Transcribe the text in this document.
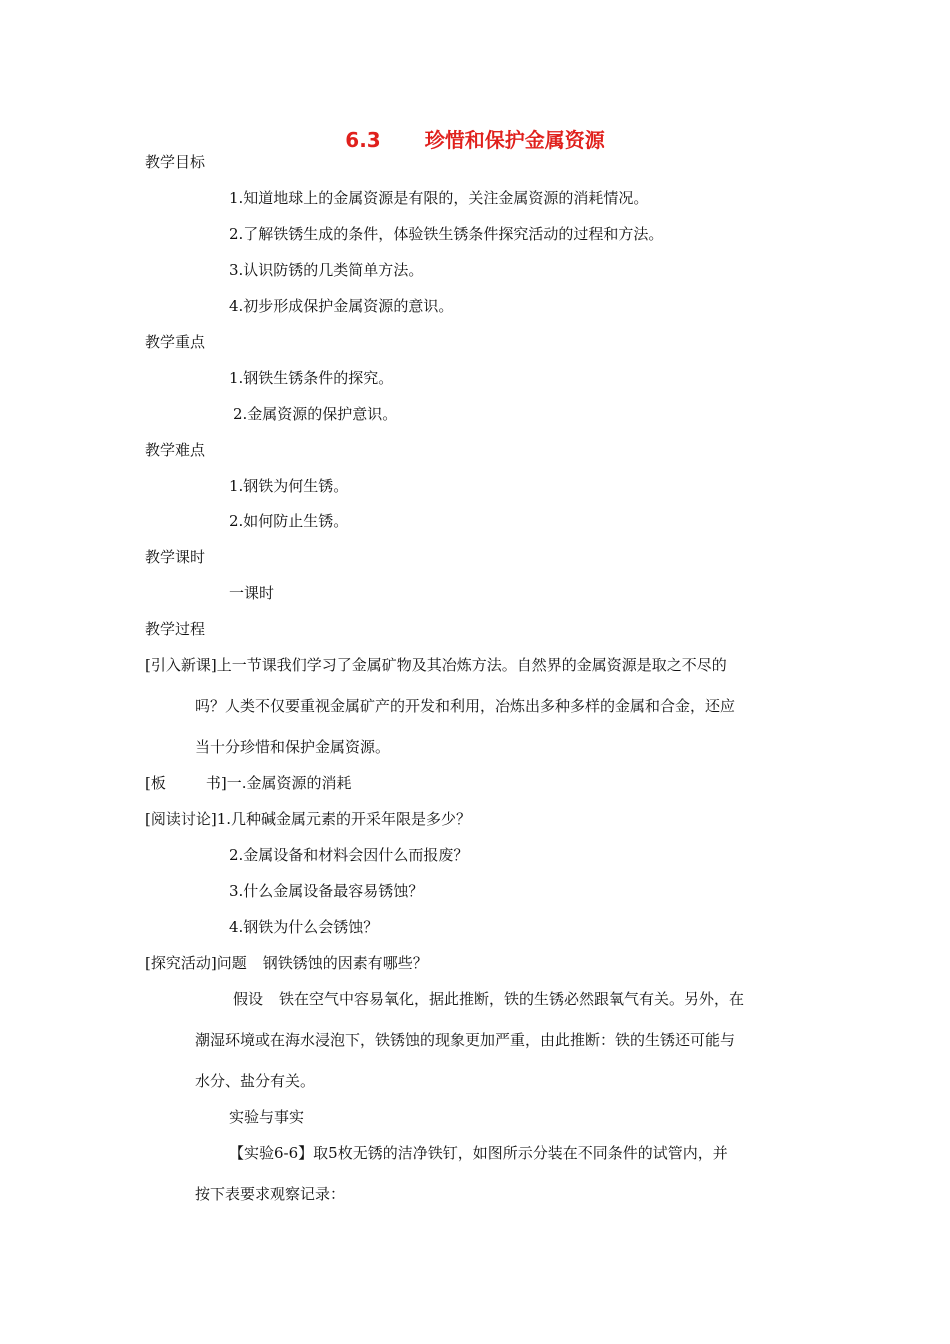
6.3 珍惜和保护金属资源
教学目标
1.知道地球上的金属资源是有限的，关注金属资源的消耗情况。
2.了解铁锈生成的条件，体验铁生锈条件探究活动的过程和方法。
3.认识防锈的几类简单方法。
4.初步形成保护金属资源的意识。
教学重点
1.钢铁生锈条件的探究。
2.金属资源的保护意识。
教学难点
1.钢铁为何生锈。
2.如何防止生锈。
教学课时
一课时
教学过程
[引入新课]上一节课我们学习了金属矿物及其冶炼方法。自然界的金属资源是取之不尽的
吗？人类不仅要重视金属矿产的开发和利用，冶炼出多种多样的金属和合金，还应
当十分珍惜和保护金属资源。
[板	书]一.金属资源的消耗
[阅读讨论]1.几种碱金属元素的开采年限是多少？
2.金属设备和材料会因什么而报废？
3.什么金属设备最容易锈蚀？
4.钢铁为什么会锈蚀？
[探究活动]问题 钢铁锈蚀的因素有哪些？
假设 铁在空气中容易氧化，据此推断，铁的生锈必然跟氧气有关。另外，在
潮湿环境或在海水浸泡下，铁锈蚀的现象更加严重，由此推断：铁的生锈还可能与
水分、盐分有关。
实验与事实
【实验6-6】取5枚无锈的洁净铁钉，如图所示分装在不同条件的试管内，并
按下表要求观察记录：
